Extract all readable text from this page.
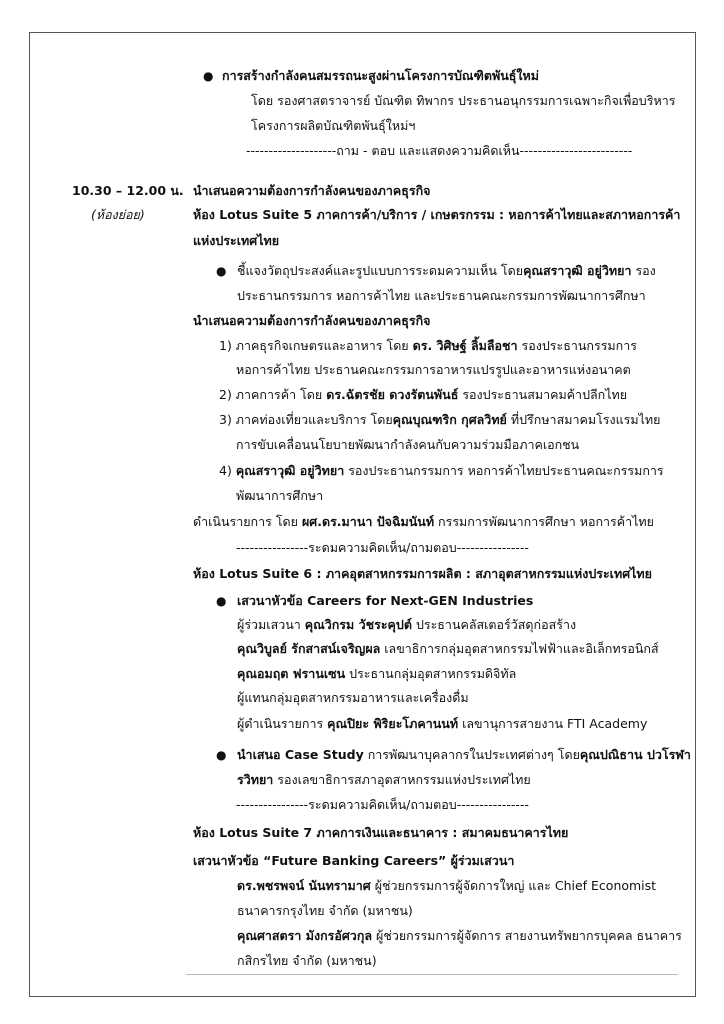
● การสร้างกำลังคนสมรรถนะสูงผ่านโครงการบัณฑิตพันธุ์ใหม่
โดย รองศาสตราจารย์ บัณฑิต ทิพากร ประธานอนุกรรมการเฉพาะกิจเพื่อบริหาร
โครงการผลิตบัณฑิตพันธุ์ใหม่ฯ
--------------------ถาม - ตอบ และแสดงความคิดเห็น-------------------------
10.30 – 12.00 น.
(ห้องย่อย)
นำเสนอความต้องการกำลังคนของภาคธุรกิจ
ห้อง Lotus Suite 5 ภาคการค้า/บริการ / เกษตรกรรม : หอการค้าไทยและสภาหอการค้า
แห่งประเทศไทย
● ชี้แจงวัตถุประสงค์และรูปแบบการระดมความเห็น โดยคุณสราวุฒิ อยู่วิทยา รอง
ประธานกรรมการ หอการค้าไทย และประธานคณะกรรมการพัฒนาการศึกษา
นำเสนอความต้องการกำลังคนของภาคธุรกิจ
1) ภาคธุรกิจเกษตรและอาหาร โดย ดร. วิศิษฐ์ ลิ้มลือชา รองประธานกรรมการ
หอการค้าไทย ประธานคณะกรรมการอาหารแปรรูปและอาหารแห่งอนาคต
2) ภาคการค้า โดย ดร.ฉัตรชัย ดวงรัตนพันธ์ รองประธานสมาคมค้าปลีกไทย
3) ภาคท่องเที่ยวและบริการ โดยคุณบุณฑริก กุศลวิทย์ ที่ปรึกษาสมาคมโรงแรมไทย
การขับเคลื่อนนโยบายพัฒนากำลังคนกับความร่วมมือภาคเอกชน
4) คุณสราวุฒิ อยู่วิทยา รองประธานกรรมการ หอการค้าไทยประธานคณะกรรมการ
พัฒนาการศึกษา
ดำเนินรายการ โดย ผศ.ดร.มานา ปัจฉิมนันท์ กรรมการพัฒนาการศึกษา หอการค้าไทย
----------------ระดมความคิดเห็น/ถามตอบ----------------
ห้อง Lotus Suite 6 : ภาคอุตสาหกรรมการผลิต : สภาอุตสาหกรรมแห่งประเทศไทย
● เสวนาหัวข้อ Careers for Next-GEN Industries
ผู้ร่วมเสวนา คุณวิกรม วัชระคุปต์ ประธานคลัสเตอร์วัสดุก่อสร้าง
คุณวิบูลย์ รักสาสน์เจริญผล เลขาธิการกลุ่มอุตสาหกรรมไฟฟ้าและอิเล็กทรอนิกส์
คุณอมฤต ฟรานเซน ประธานกลุ่มอุตสาหกรรมดิจิทัล
ผู้แทนกลุ่มอุตสาหกรรมอาหารและเครื่องดื่ม
ผู้ดำเนินรายการ คุณปิยะ พิริยะโภคานนท์ เลขานุการสายงาน FTI Academy
● นำเสนอ Case Study การพัฒนาบุคลากรในประเทศต่างๆ โดยคุณปณิธาน ปวโรฬา
รวิทยา รองเลขาธิการสภาอุตสาหกรรมแห่งประเทศไทย
----------------ระดมความคิดเห็น/ถามตอบ----------------
ห้อง Lotus Suite 7 ภาคการเงินและธนาคาร : สมาคมธนาคารไทย
เสวนาหัวข้อ “Future Banking Careers” ผู้ร่วมเสวนา
ดร.พชรพจน์ นันทรามาศ ผู้ช่วยกรรมการผู้จัดการใหญ่ และ Chief Economist
ธนาคารกรุงไทย จำกัด (มหาชน)
คุณศาสตรา มังกรอัศวกุล ผู้ช่วยกรรมการผู้จัดการ สายงานทรัพยากรบุคคล ธนาคาร
กสิกรไทย จำกัด (มหาชน)
